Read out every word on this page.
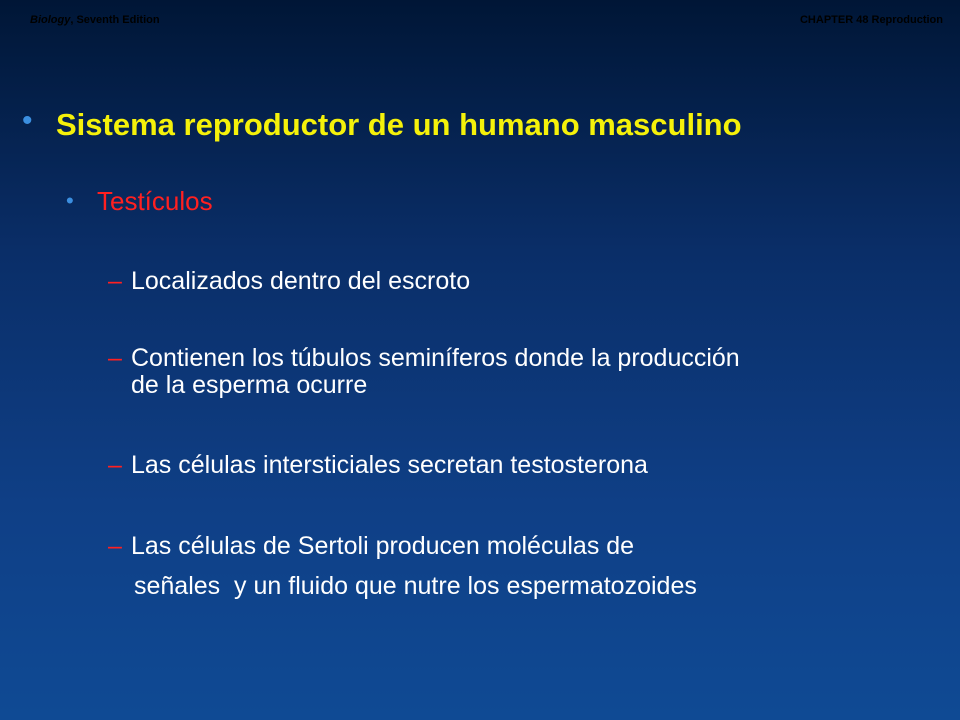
Biology, Seventh Edition	CHAPTER 48 Reproduction
• Sistema reproductor de un humano masculino
• Testículos
– Localizados dentro del escroto
– Contienen los túbulos seminíferos donde la producción
de la esperma ocurre
– Las células intersticiales secretan testosterona
– Las células de Sertoli producen moléculas de
señales  y un fluido que nutre los espermatozoides
